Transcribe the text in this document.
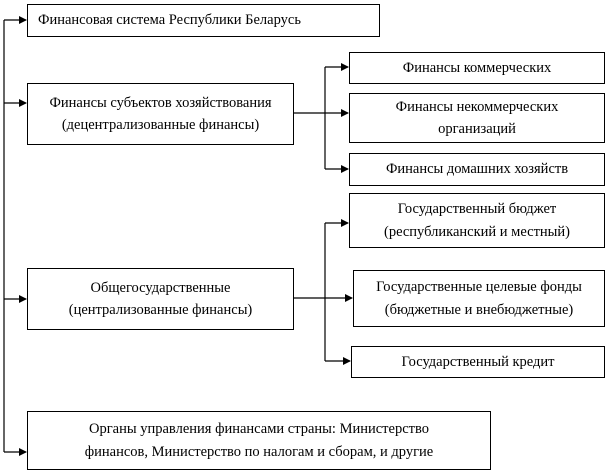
Финансовая система Республики Беларусь
Финансы субъектов хозяйствования
(децентрализованные финансы)
Финансы коммерческих
Финансы некоммерческих
организаций
Финансы домашних хозяйств
Общегосударственные
(централизованные финансы)
Государственный бюджет
(республиканский и местный)
Государственные целевые фонды
(бюджетные и внебюджетные)
Государственный кредит
Органы управления финансами страны: Министерство
финансов, Министерство по налогам и сборам, и другие
